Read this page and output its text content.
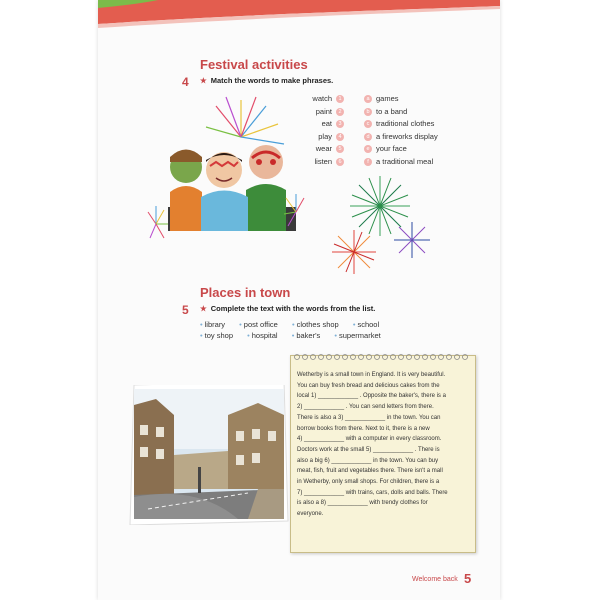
Festival activities
4 ★ Match the words to make phrases.
watch 1
paint 2
eat 3
play 4
wear 5
listen 6
a games
b to a band
c traditional clothes
d a fireworks display
e your face
f a traditional meal
Places in town
5 ★ Complete the text with the words from the list.
• library • post office • clothes shop • school
• toy shop • hospital • baker's • supermarket
Wetherby is a small town in England. It is very beautiful.
You can buy fresh bread and delicious cakes from the
local 1) ____________ . Opposite the baker's, there is a
2) ____________ . You can send letters from there.
There is also a 3) ____________ in the town. You can
borrow books from there. Next to it, there is a new
4) ____________ with a computer in every classroom.
Doctors work at the small 5) ____________ . There is
also a big 6) ____________ in the town. You can buy
meat, fish, fruit and vegetables there. There isn't a mall
in Wetherby, only small shops. For children, there is a
7) ____________ with trains, cars, dolls and balls. There
is also a 8) ____________ with trendy clothes for
everyone.
Welcome back 5
